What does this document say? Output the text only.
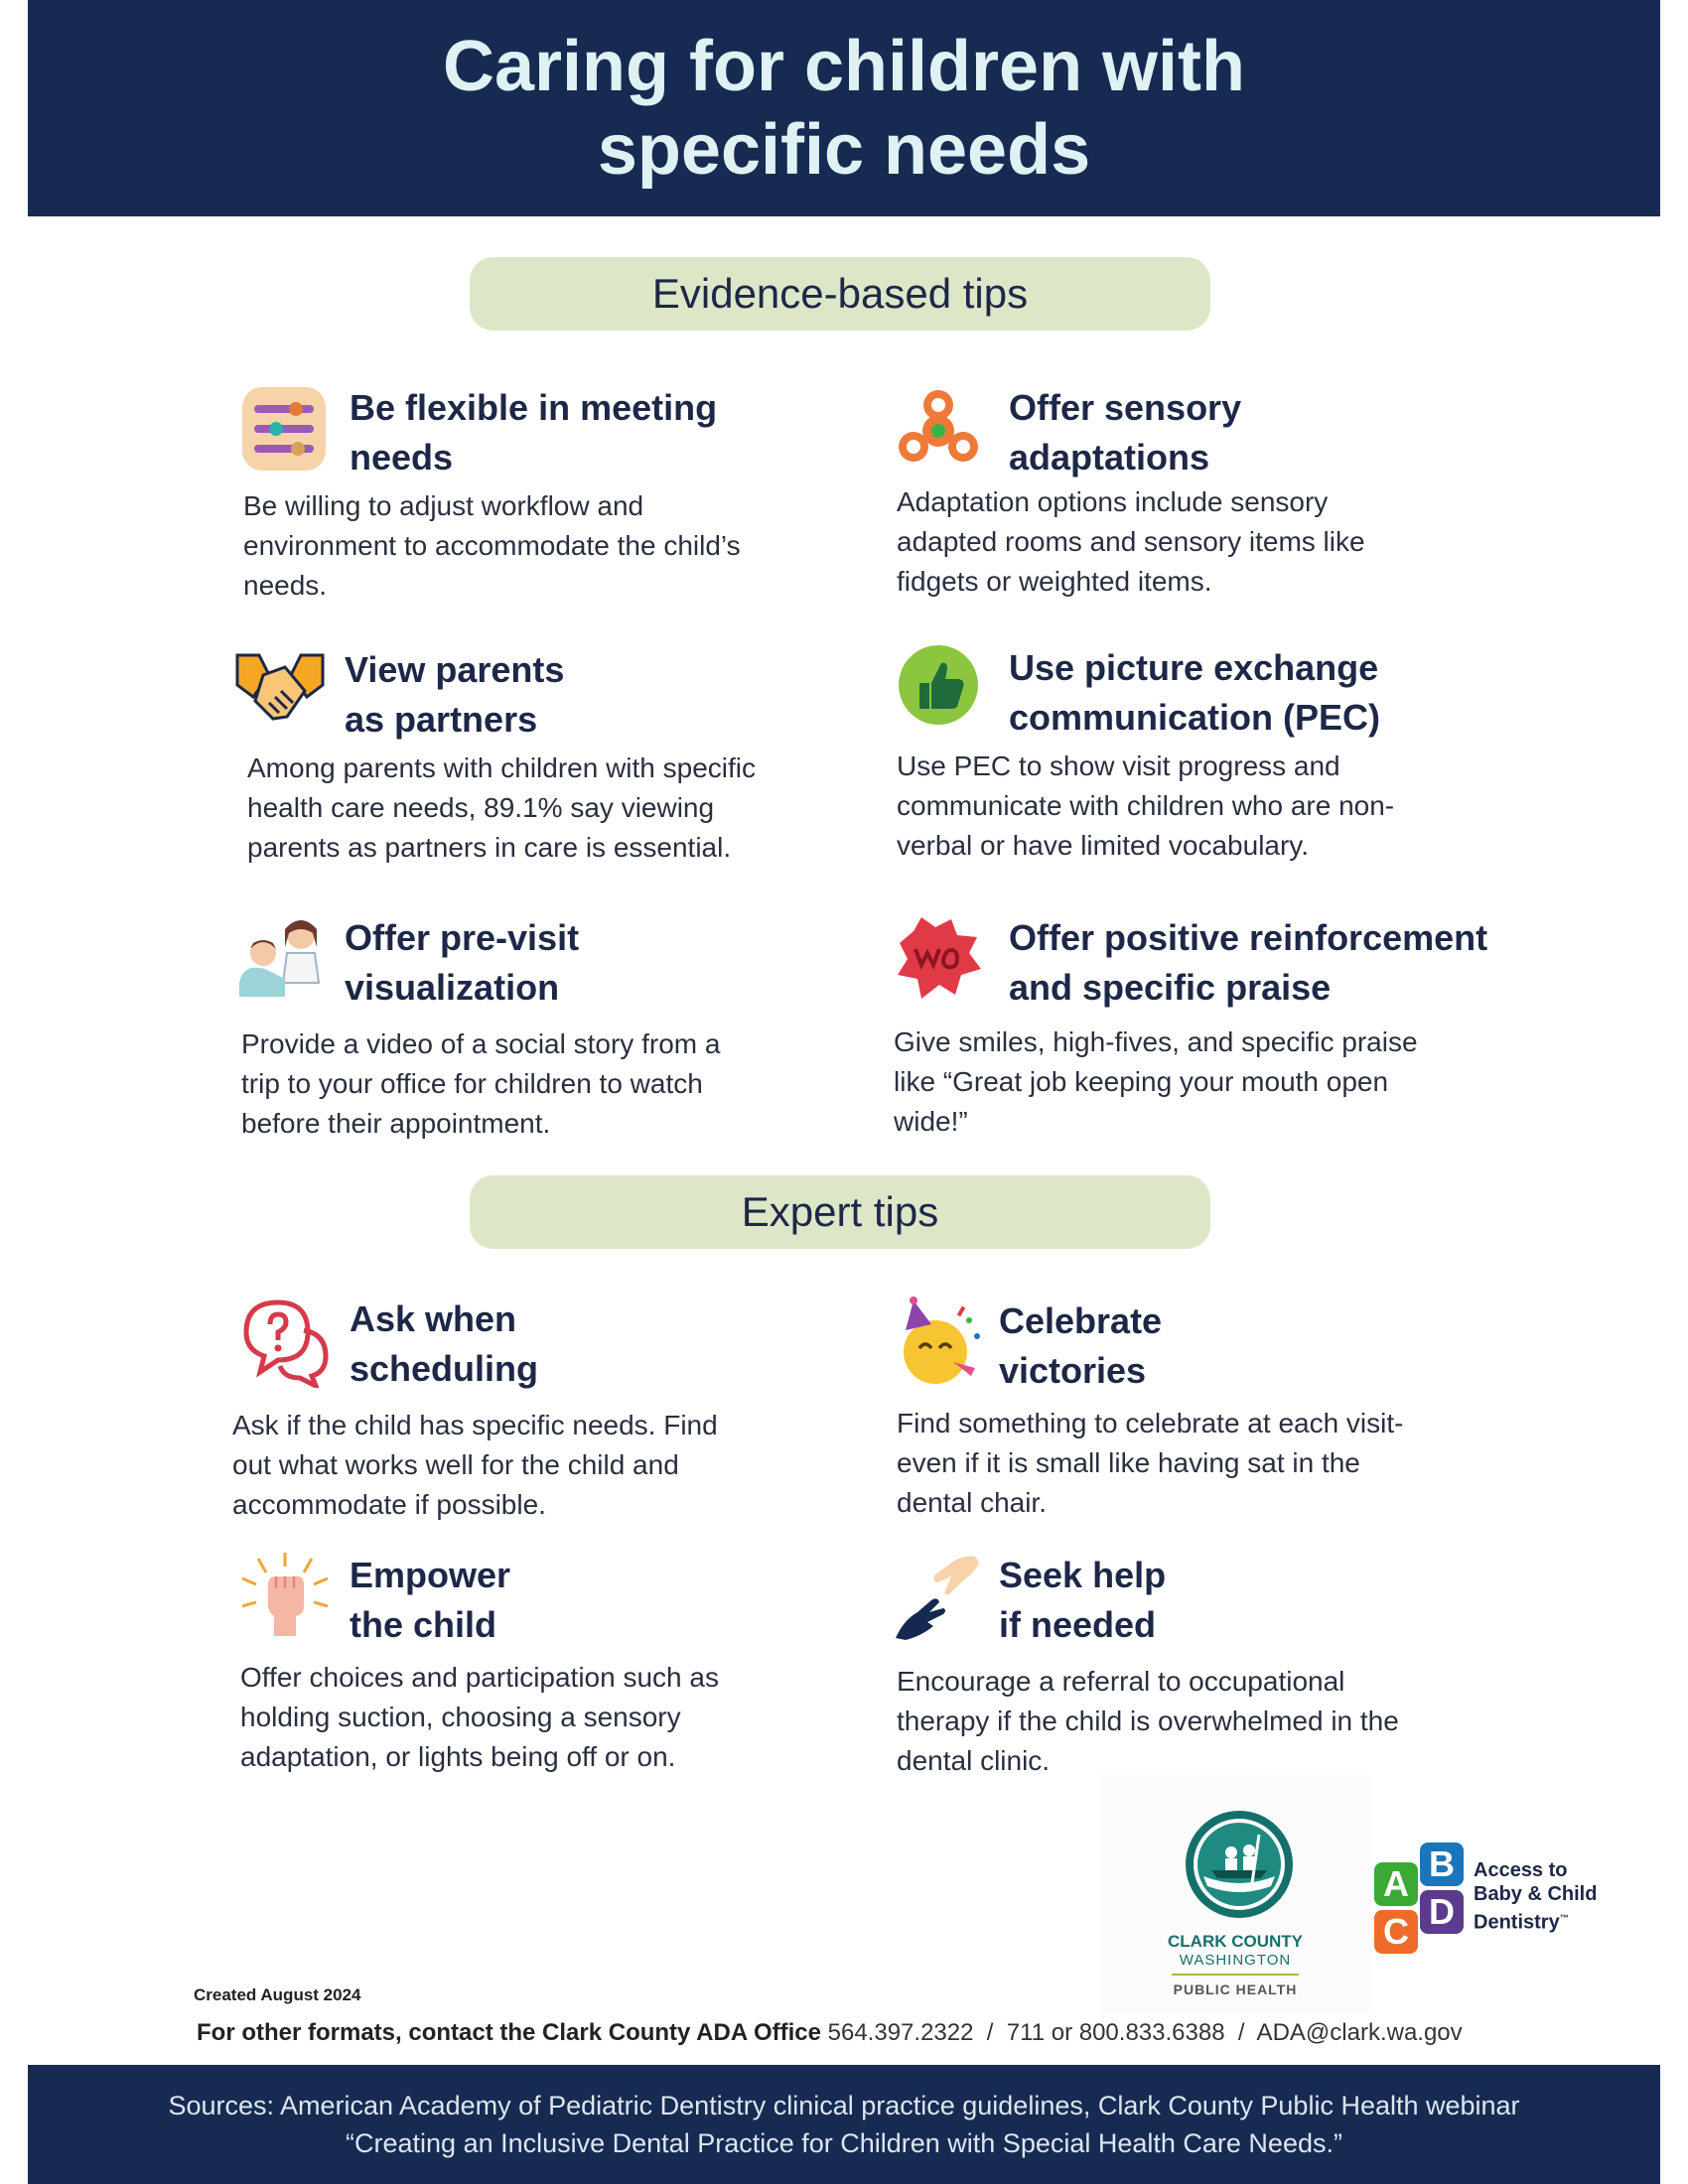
Caring for children with
specific needs
Evidence-based tips
Be flexible in meeting
needs
Be willing to adjust workflow and
environment to accommodate the child’s
needs.
Offer sensory
adaptations
Adaptation options include sensory
adapted rooms and sensory items like
fidgets or weighted items.
View parents
as partners
Among parents with children with specific
health care needs, 89.1% say viewing
parents as partners in care is essential.
Use picture exchange
communication (PEC)
Use PEC to show visit progress and
communicate with children who are non-
verbal or have limited vocabulary.
Offer pre-visit
visualization
Provide a video of a social story from a
trip to your office for children to watch
before their appointment.
Offer positive reinforcement
and specific praise
Give smiles, high-fives, and specific praise
like “Great job keeping your mouth open
wide!”
Expert tips
Ask when
scheduling
Ask if the child has specific needs. Find
out what works well for the child and
accommodate if possible.
Celebrate
victories
Find something to celebrate at each visit-
even if it is small like having sat in the
dental chair.
Empower
the child
Offer choices and participation such as
holding suction, choosing a sensory
adaptation, or lights being off or on.
Seek help
if needed
Encourage a referral to occupational
therapy if the child is overwhelmed in the
dental clinic.
CLARK COUNTY
WASHINGTON
PUBLIC HEALTH
A B
C D
Access to
Baby & Child
Dentistry™
Created August 2024
For other formats, contact the Clark County ADA Office 564.397.2322  /  711 or 800.833.6388  /  ADA@clark.wa.gov
Sources: American Academy of Pediatric Dentistry clinical practice guidelines, Clark County Public Health webinar
“Creating an Inclusive Dental Practice for Children with Special Health Care Needs.”
